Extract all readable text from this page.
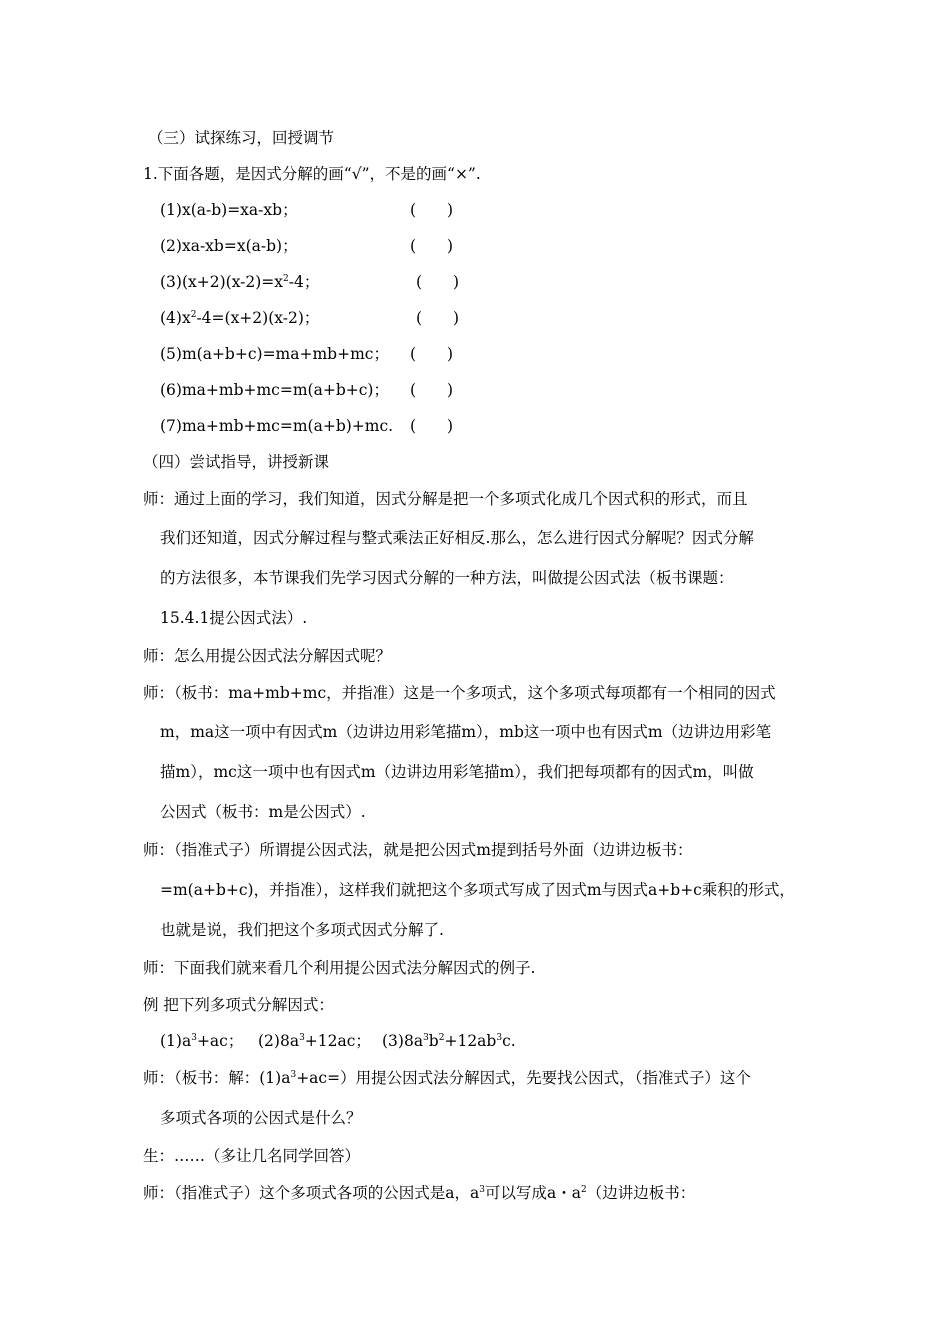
（三）试探练习，回授调节
1.下面各题，是因式分解的画“√”，不是的画“×”.
(1)x(a-b)=xa-xb；	(　　)
(2)xa-xb=x(a-b)；	(　　)
$(3)(x+2)(x-2)=x^2-4$；	(　　)
$(4)x^2-4=(x+2)(x-2)$；	(　　)
(5)m(a+b+c)=ma+mb+mc； (　　)
(6)ma+mb+mc=m(a+b+c)； (　　)
(7)ma+mb+mc=m(a+b)+mc. (　　)
（四）尝试指导，讲授新课
师：通过上面的学习，我们知道，因式分解是把一个多项式化成几个因式积的形式，而且
我们还知道，因式分解过程与整式乘法正好相反.那么，怎么进行因式分解呢？因式分解
的方法很多，本节课我们先学习因式分解的一种方法，叫做提公因式法（板书课题：
15.4.1提公因式法）.
师：怎么用提公因式法分解因式呢？
师：（板书：ma+mb+mc，并指准）这是一个多项式，这个多项式每项都有一个相同的因式
m，ma这一项中有因式m（边讲边用彩笔描m），mb这一项中也有因式m（边讲边用彩笔
描m），mc这一项中也有因式m（边讲边用彩笔描m），我们把每项都有的因式m，叫做
公因式（板书：m是公因式）.
师：（指准式子）所谓提公因式法，就是把公因式m提到括号外面（边讲边板书：
=m(a+b+c)，并指准），这样我们就把这个多项式写成了因式m与因式a+b+c乘积的形式，
也就是说，我们把这个多项式因式分解了.
师：下面我们就来看几个利用提公因式法分解因式的例子.
例 把下列多项式分解因式：
$(1)a^3+ac$； $(2)8a^3+12ac$； $(3)8a^3b^2+12ab^3c$.
师：（板书：解：$(1)a^3+ac=$）用提公因式法分解因式，先要找公因式，（指准式子）这个
多项式各项的公因式是什么？
生：……（多让几名同学回答）
师：（指准式子）这个多项式各项的公因式是a，$a^3$可以写成a・$a^2$（边讲边板书：
